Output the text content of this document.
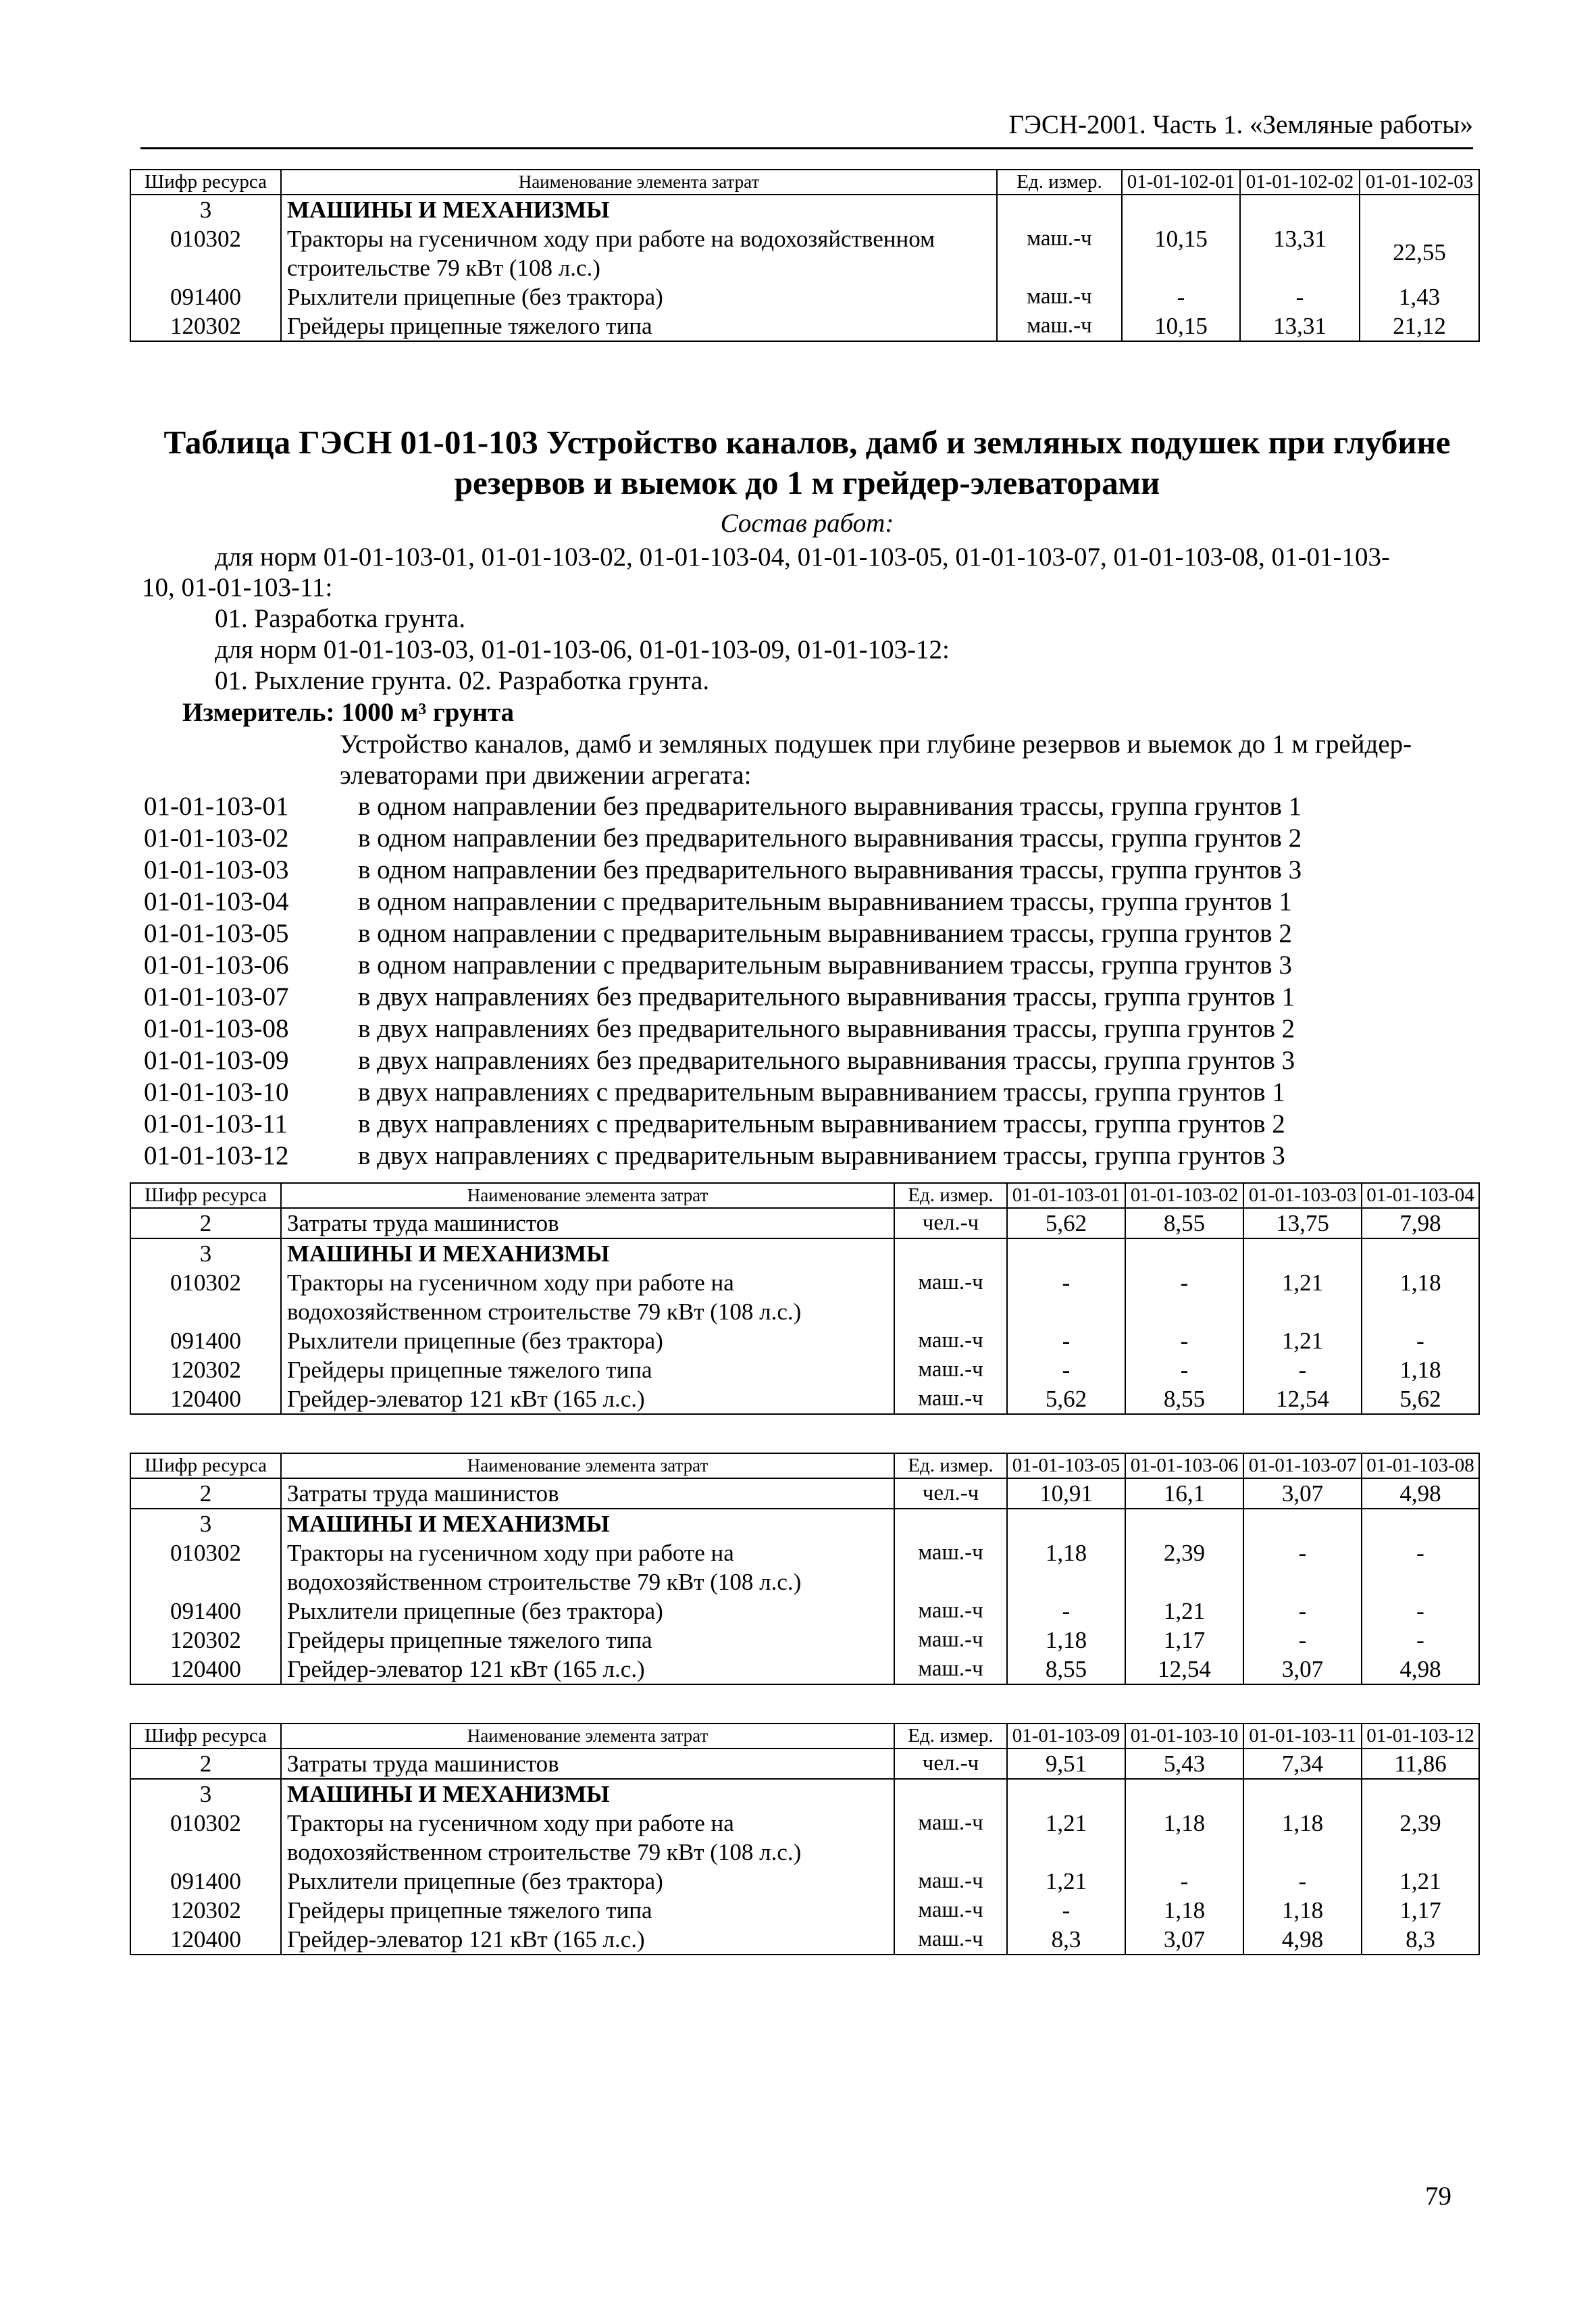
ГЭСН-2001. Часть 1. «Земляные работы»
Шифр ресурса	Наименование элемента затрат	Ед. измер.	01-01-102-01	01-01-102-02	01-01-102-03
3	МАШИНЫ И МЕХАНИЗМЫ				
010302	Тракторы на гусеничном ходу при работе на водохозяйственном строительстве 79 кВт (108 л.с.)	маш.-ч	10,15	13,31	22,55
091400	Рыхлители прицепные (без трактора)	маш.-ч	-	-	1,43
120302	Грейдеры прицепные тяжелого типа	маш.-ч	10,15	13,31	21,12
Таблица ГЭСН 01-01-103 Устройство каналов, дамб и земляных подушек при глубине
резервов и выемок до 1 м грейдер-элеваторами
Состав работ:
для норм 01-01-103-01, 01-01-103-02, 01-01-103-04, 01-01-103-05, 01-01-103-07, 01-01-103-08, 01-01-103-
10, 01-01-103-11:
01. Разработка грунта.
для норм 01-01-103-03, 01-01-103-06, 01-01-103-09, 01-01-103-12:
01. Рыхление грунта. 02. Разработка грунта.
Измеритель: 1000 м³ грунта
Устройство каналов, дамб и земляных подушек при глубине резервов и выемок до 1 м грейдер-
элеваторами при движении агрегата:
01-01-103-01	в одном направлении без предварительного выравнивания трассы, группа грунтов 1
01-01-103-02	в одном направлении без предварительного выравнивания трассы, группа грунтов 2
01-01-103-03	в одном направлении без предварительного выравнивания трассы, группа грунтов 3
01-01-103-04	в одном направлении с предварительным выравниванием трассы, группа грунтов 1
01-01-103-05	в одном направлении с предварительным выравниванием трассы, группа грунтов 2
01-01-103-06	в одном направлении с предварительным выравниванием трассы, группа грунтов 3
01-01-103-07	в двух направлениях без предварительного выравнивания трассы, группа грунтов 1
01-01-103-08	в двух направлениях без предварительного выравнивания трассы, группа грунтов 2
01-01-103-09	в двух направлениях без предварительного выравнивания трассы, группа грунтов 3
01-01-103-10	в двух направлениях с предварительным выравниванием трассы, группа грунтов 1
01-01-103-11	в двух направлениях с предварительным выравниванием трассы, группа грунтов 2
01-01-103-12	в двух направлениях с предварительным выравниванием трассы, группа грунтов 3
Шифр ресурса	Наименование элемента затрат	Ед. измер.	01-01-103-01	01-01-103-02	01-01-103-03	01-01-103-04
2	Затраты труда машинистов	чел.-ч	5,62	8,55	13,75	7,98
3	МАШИНЫ И МЕХАНИЗМЫ					
010302	Тракторы на гусеничном ходу при работе на водохозяйственном строительстве 79 кВт (108 л.с.)	маш.-ч	-	-	1,21	1,18
091400	Рыхлители прицепные (без трактора)	маш.-ч	-	-	1,21	-
120302	Грейдеры прицепные тяжелого типа	маш.-ч	-	-	-	1,18
120400	Грейдер-элеватор 121 кВт (165 л.с.)	маш.-ч	5,62	8,55	12,54	5,62
Шифр ресурса	Наименование элемента затрат	Ед. измер.	01-01-103-05	01-01-103-06	01-01-103-07	01-01-103-08
2	Затраты труда машинистов	чел.-ч	10,91	16,1	3,07	4,98
3	МАШИНЫ И МЕХАНИЗМЫ					
010302	Тракторы на гусеничном ходу при работе на водохозяйственном строительстве 79 кВт (108 л.с.)	маш.-ч	1,18	2,39	-	-
091400	Рыхлители прицепные (без трактора)	маш.-ч	-	1,21	-	-
120302	Грейдеры прицепные тяжелого типа	маш.-ч	1,18	1,17	-	-
120400	Грейдер-элеватор 121 кВт (165 л.с.)	маш.-ч	8,55	12,54	3,07	4,98
Шифр ресурса	Наименование элемента затрат	Ед. измер.	01-01-103-09	01-01-103-10	01-01-103-11	01-01-103-12
2	Затраты труда машинистов	чел.-ч	9,51	5,43	7,34	11,86
3	МАШИНЫ И МЕХАНИЗМЫ					
010302	Тракторы на гусеничном ходу при работе на водохозяйственном строительстве 79 кВт (108 л.с.)	маш.-ч	1,21	1,18	1,18	2,39
091400	Рыхлители прицепные (без трактора)	маш.-ч	1,21	-	-	1,21
120302	Грейдеры прицепные тяжелого типа	маш.-ч	-	1,18	1,18	1,17
120400	Грейдер-элеватор 121 кВт (165 л.с.)	маш.-ч	8,3	3,07	4,98	8,3
79
